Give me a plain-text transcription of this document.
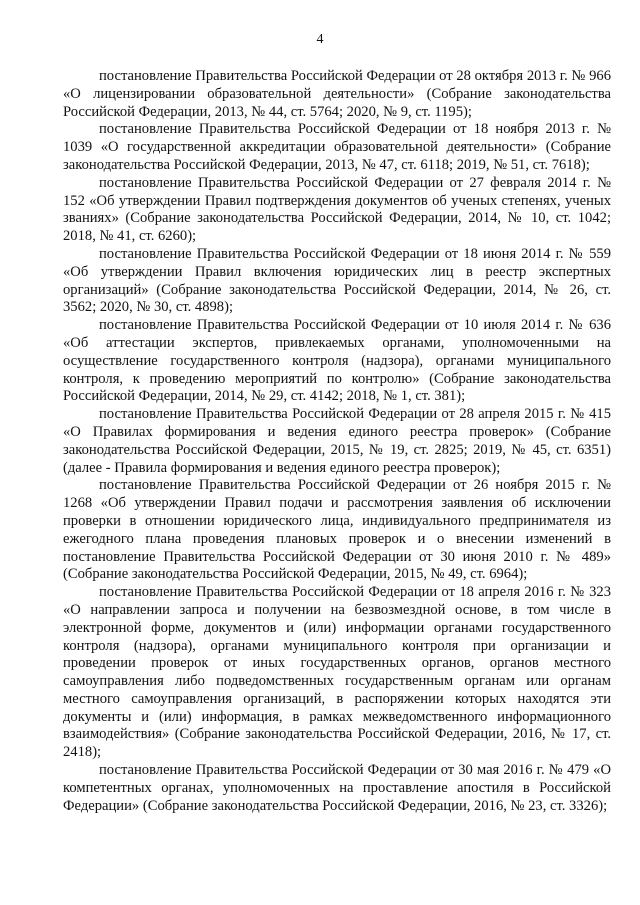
4

постановление Правительства Российской Федерации от 28 октября 2013 г. № 966 «О лицензировании образовательной деятельности» (Собрание законодательства Российской Федерации, 2013, № 44, ст. 5764; 2020, № 9, ст. 1195);

постановление Правительства Российской Федерации от 18 ноября 2013 г. № 1039 «О государственной аккредитации образовательной деятельности» (Собрание законодательства Российской Федерации, 2013, № 47, ст. 6118; 2019, № 51, ст. 7618);

постановление Правительства Российской Федерации от 27 февраля 2014 г. № 152 «Об утверждении Правил подтверждения документов об ученых степенях, ученых званиях» (Собрание законодательства Российской Федерации, 2014, № 10, ст. 1042; 2018, № 41, ст. 6260);

постановление Правительства Российской Федерации от 18 июня 2014 г. № 559 «Об утверждении Правил включения юридических лиц в реестр экспертных организаций» (Собрание законодательства Российской Федерации, 2014, № 26, ст. 3562; 2020, № 30, ст. 4898);

постановление Правительства Российской Федерации от 10 июля 2014 г. № 636 «Об аттестации экспертов, привлекаемых органами, уполномоченными на осуществление государственного контроля (надзора), органами муниципального контроля, к проведению мероприятий по контролю» (Собрание законодательства Российской Федерации, 2014, № 29, ст. 4142; 2018, № 1, ст. 381);

постановление Правительства Российской Федерации от 28 апреля 2015 г. № 415 «О Правилах формирования и ведения единого реестра проверок» (Собрание законодательства Российской Федерации, 2015, № 19, ст. 2825; 2019, № 45, ст. 6351) (далее - Правила формирования и ведения единого реестра проверок);

постановление Правительства Российской Федерации от 26 ноября 2015 г. № 1268 «Об утверждении Правил подачи и рассмотрения заявления об исключении проверки в отношении юридического лица, индивидуального предпринимателя из ежегодного плана проведения плановых проверок и о внесении изменений в постановление Правительства Российской Федерации от 30 июня 2010 г. № 489» (Собрание законодательства Российской Федерации, 2015, № 49, ст. 6964);

постановление Правительства Российской Федерации от 18 апреля 2016 г. № 323 «О направлении запроса и получении на безвозмездной основе, в том числе в электронной форме, документов и (или) информации органами государственного контроля (надзора), органами муниципального контроля при организации и проведении проверок от иных государственных органов, органов местного самоуправления либо подведомственных государственным органам или органам местного самоуправления организаций, в распоряжении которых находятся эти документы и (или) информация, в рамках межведомственного информационного взаимодействия» (Собрание законодательства Российской Федерации, 2016, № 17, ст. 2418);

постановление Правительства Российской Федерации от 30 мая 2016 г. № 479 «О компетентных органах, уполномоченных на проставление апостиля в Российской Федерации» (Собрание законодательства Российской Федерации, 2016, № 23, ст. 3326);
